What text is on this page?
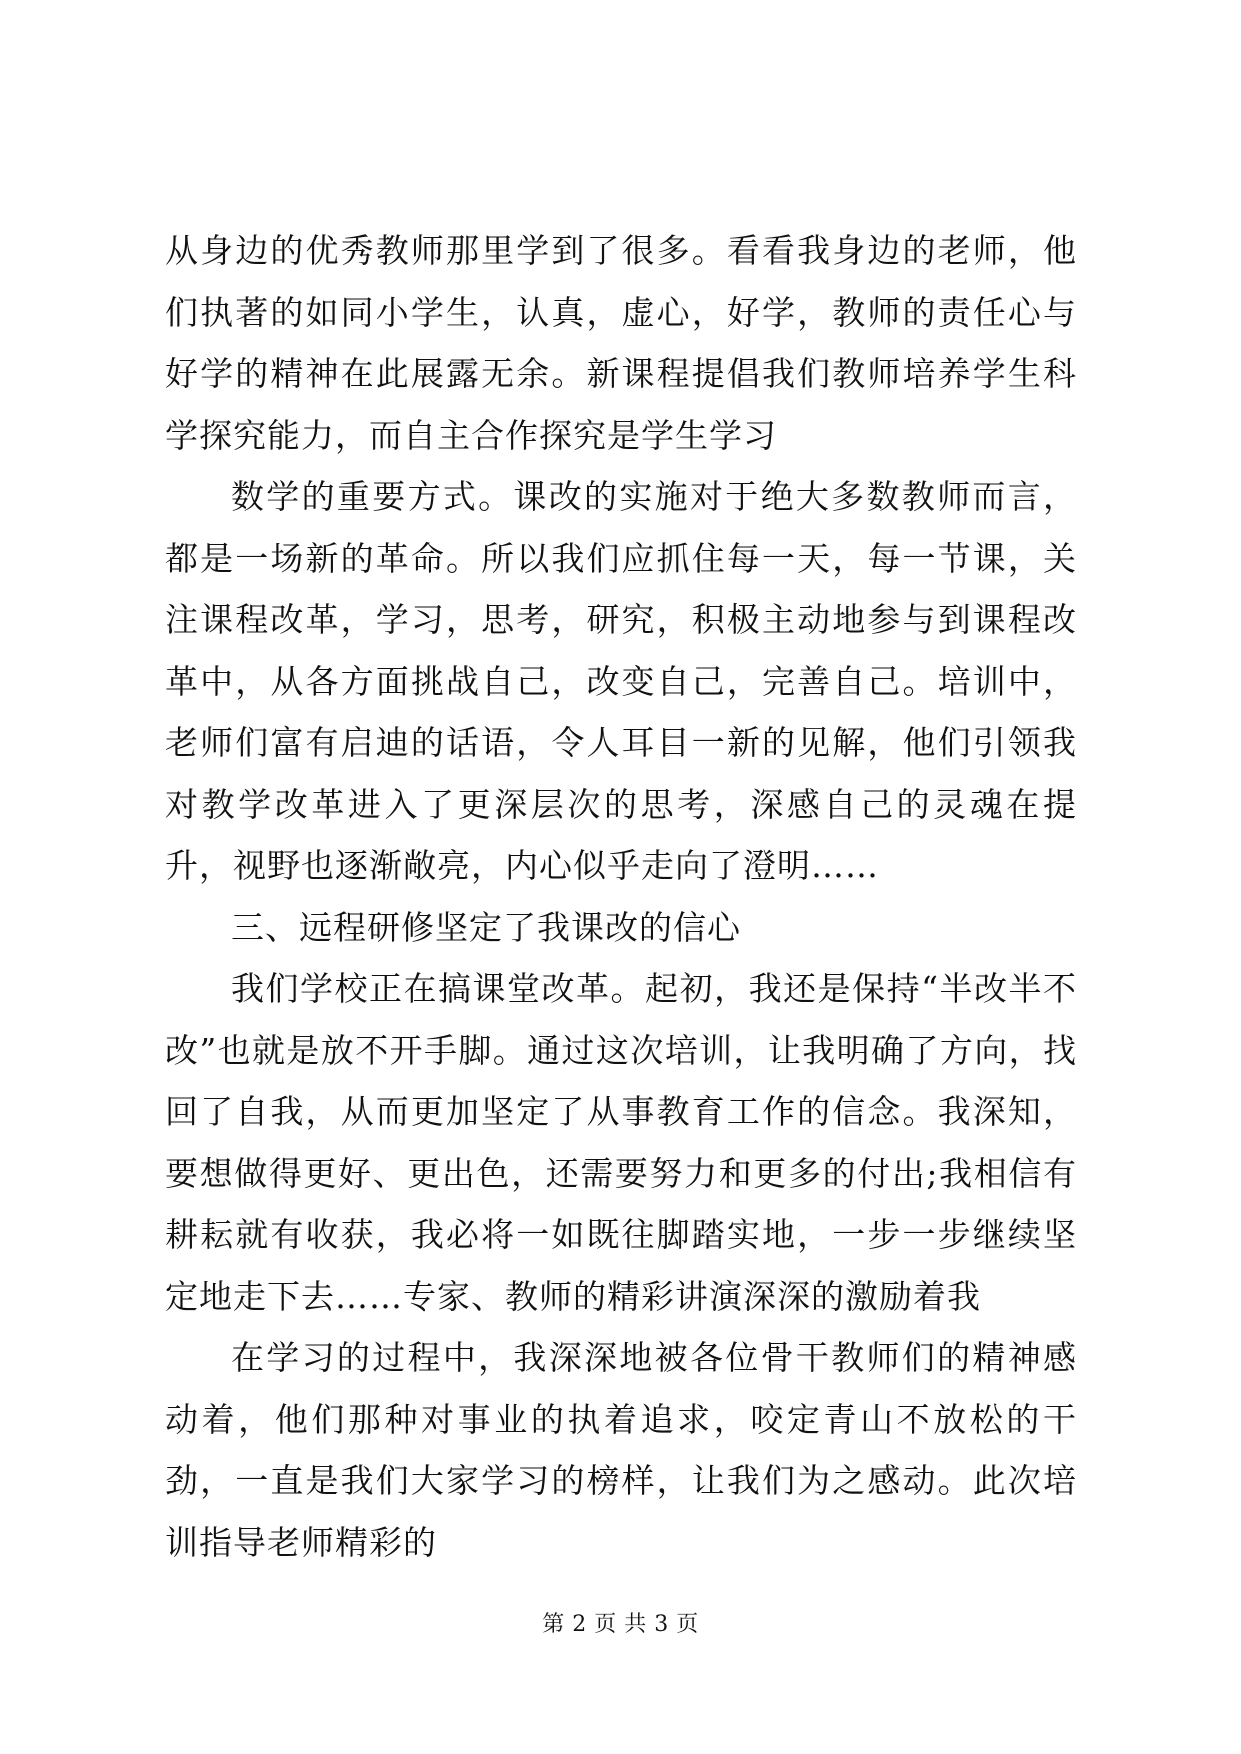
从身边的优秀教师那里学到了很多。看看我身边的老师，他们执著的如同小学生，认真，虚心，好学，教师的责任心与好学的精神在此展露无余。新课程提倡我们教师培养学生科学探究能力，而自主合作探究是学生学习

数学的重要方式。课改的实施对于绝大多数教师而言，都是一场新的革命。所以我们应抓住每一天，每一节课，关注课程改革，学习，思考，研究，积极主动地参与到课程改革中，从各方面挑战自己，改变自己，完善自己。培训中，老师们富有启迪的话语，令人耳目一新的见解，他们引领我对教学改革进入了更深层次的思考，深感自己的灵魂在提升，视野也逐渐敞亮，内心似乎走向了澄明……

三、远程研修坚定了我课改的信心

我们学校正在搞课堂改革。起初，我还是保持“半改半不改”也就是放不开手脚。通过这次培训，让我明确了方向，找回了自我，从而更加坚定了从事教育工作的信念。我深知，要想做得更好、更出色，还需要努力和更多的付出;我相信有耕耘就有收获，我必将一如既往脚踏实地，一步一步继续坚定地走下去……专家、教师的精彩讲演深深的激励着我

在学习的过程中，我深深地被各位骨干教师们的精神感动着，他们那种对事业的执着追求，咬定青山不放松的干劲，一直是我们大家学习的榜样，让我们为之感动。此次培训指导老师精彩的

第 2 页 共 3 页
